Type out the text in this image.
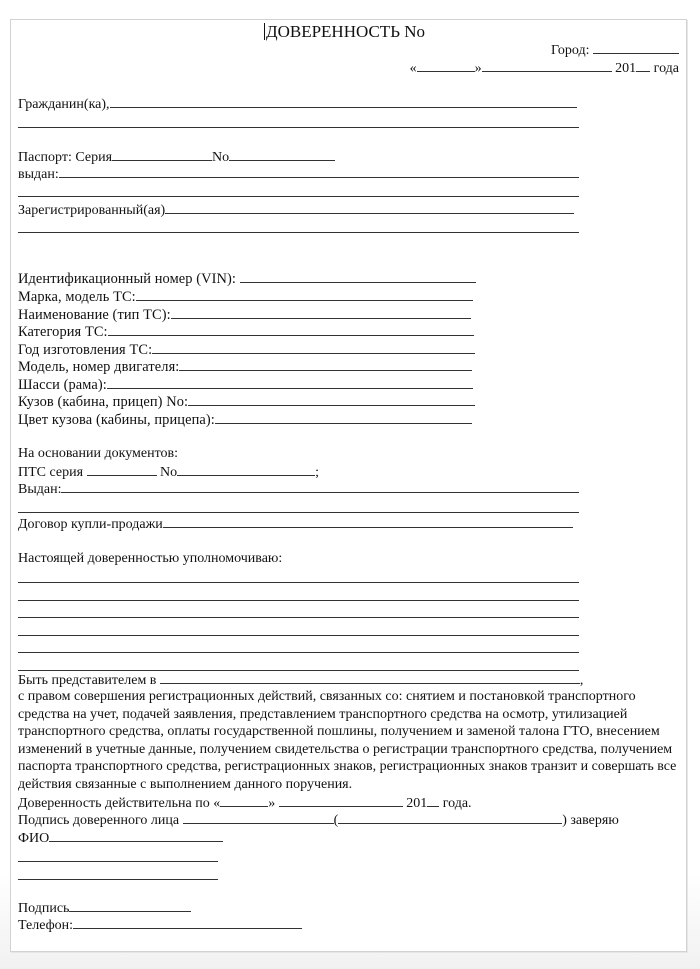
ДОВЕРЕННОСТЬ No
Город:
«	»	201 года
Гражданин(ка),
Паспорт: Серия	No
выдан:
Зарегистрированный(ая)
Идентификационный номер (VIN):
Марка, модель ТС:
Наименование (тип ТС):
Категория ТС:
Год изготовления ТС:
Модель, номер двигателя:
Шасси (рама):
Кузов (кабина, прицеп) No:
Цвет кузова (кабины, прицепа):
На основании документов:
ПТС серия	No	;
Выдан:
Договор купли-продажи
Настоящей доверенностью уполномочиваю:
Быть представителем в	,
с правом совершения регистрационных действий, связанных со: снятием и постановкой транспортного средства на учет, подачей заявления, представлением транспортного средства на осмотр, утилизацией транспортного средства, оплаты государственной пошлины, получением и заменой талона ГТО, внесением изменений в учетные данные, получением свидетельства о регистрации транспортного средства, получением паспорта транспортного средства, регистрационных знаков, регистрационных знаков транзит и совершать все действия связанные с выполнением данного поручения.
Доверенность действительна по «	»	201 года.
Подпись доверенного лица	(	) заверяю
ФИО
Подпись
Телефон:
